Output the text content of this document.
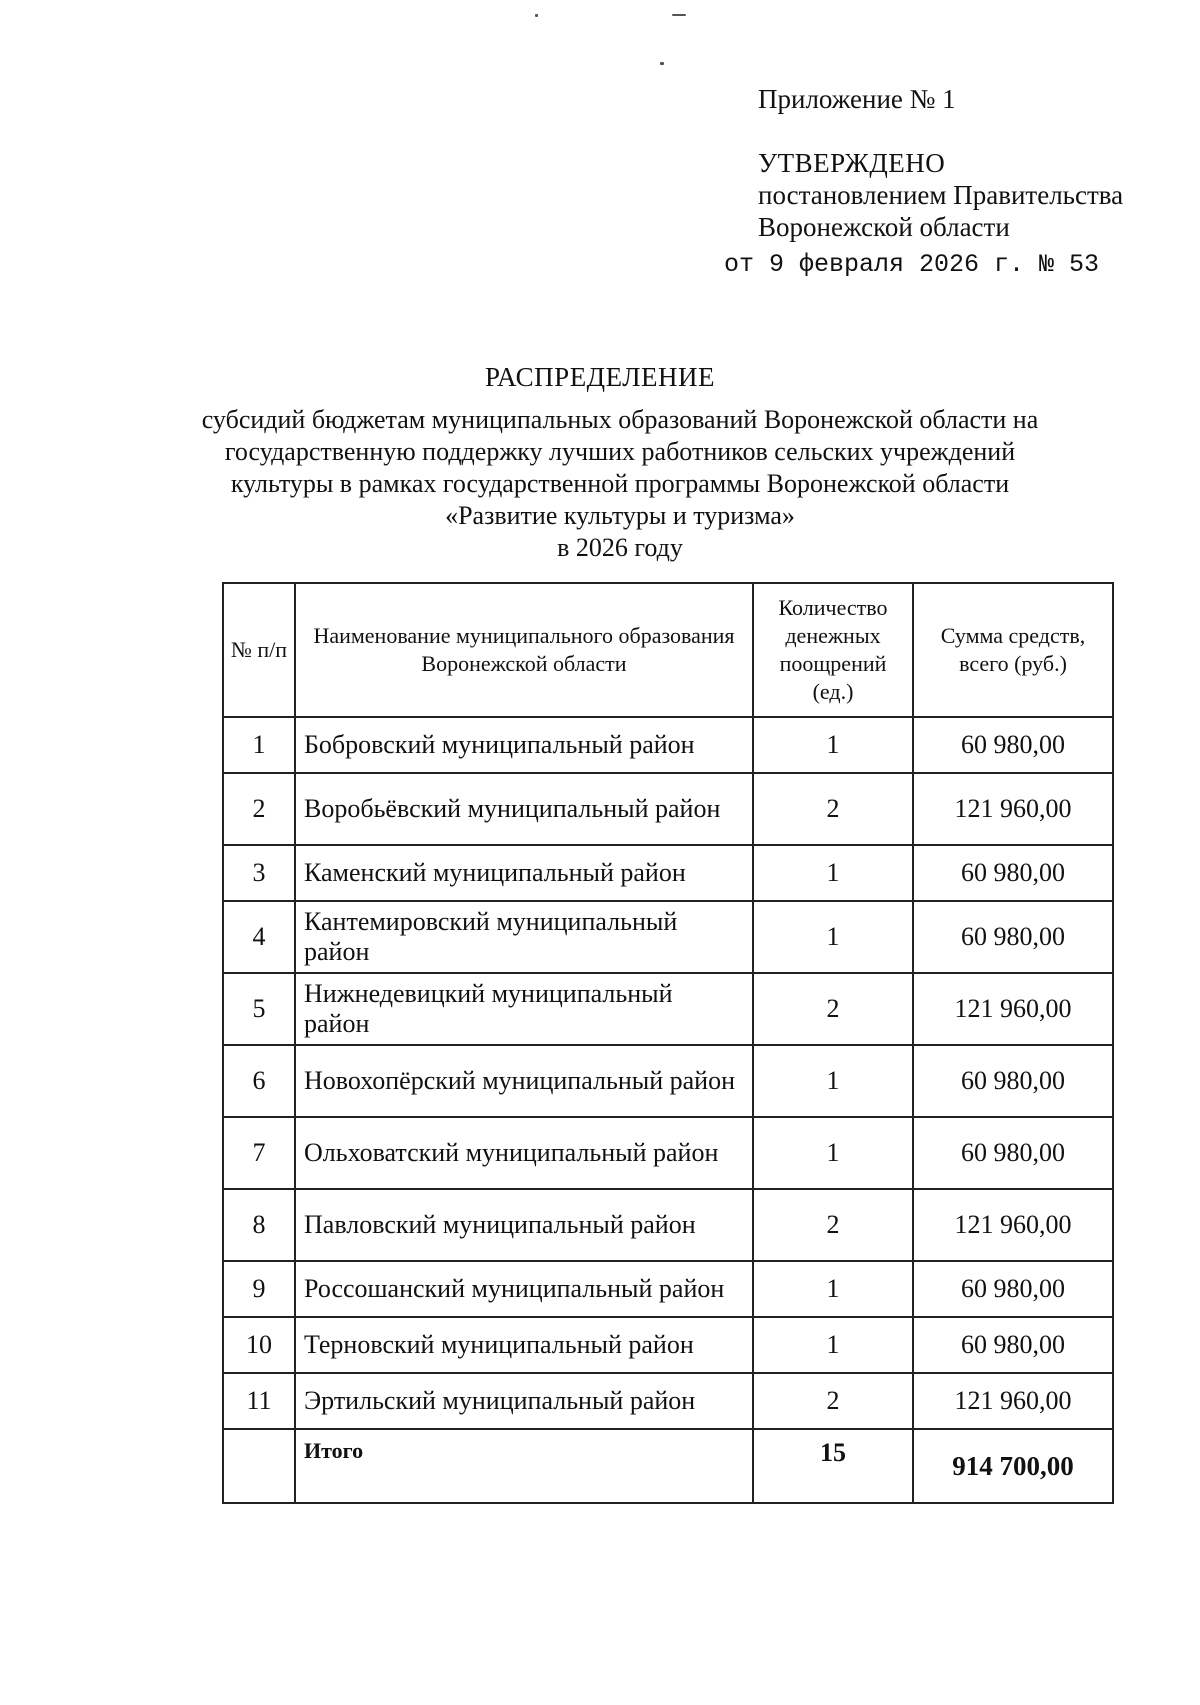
Приложение № 1
УТВЕРЖДЕНО
постановлением Правительства
Воронежской области
от 9 февраля 2026 г. № 53
РАСПРЕДЕЛЕНИЕ
субсидий бюджетам муниципальных образований Воронежской области на
государственную поддержку лучших работников сельских учреждений
культуры в рамках государственной программы Воронежской области
«Развитие культуры и туризма»
в 2026 году
№ п/п	Наименование муниципального образования Воронежской области	Количество денежных поощрений (ед.)	Сумма средств, всего (руб.)
1	Бобровский муниципальный район	1	60 980,00
2	Воробьёвский муниципальный район	2	121 960,00
3	Каменский муниципальный район	1	60 980,00
4	Кантемировский муниципальный район	1	60 980,00
5	Нижнедевицкий муниципальный район	2	121 960,00
6	Новохопёрский муниципальный район	1	60 980,00
7	Ольховатский муниципальный район	1	60 980,00
8	Павловский муниципальный район	2	121 960,00
9	Россошанский муниципальный район	1	60 980,00
10	Терновский муниципальный район	1	60 980,00
11	Эртильский муниципальный район	2	121 960,00
	Итого	15	914 700,00
